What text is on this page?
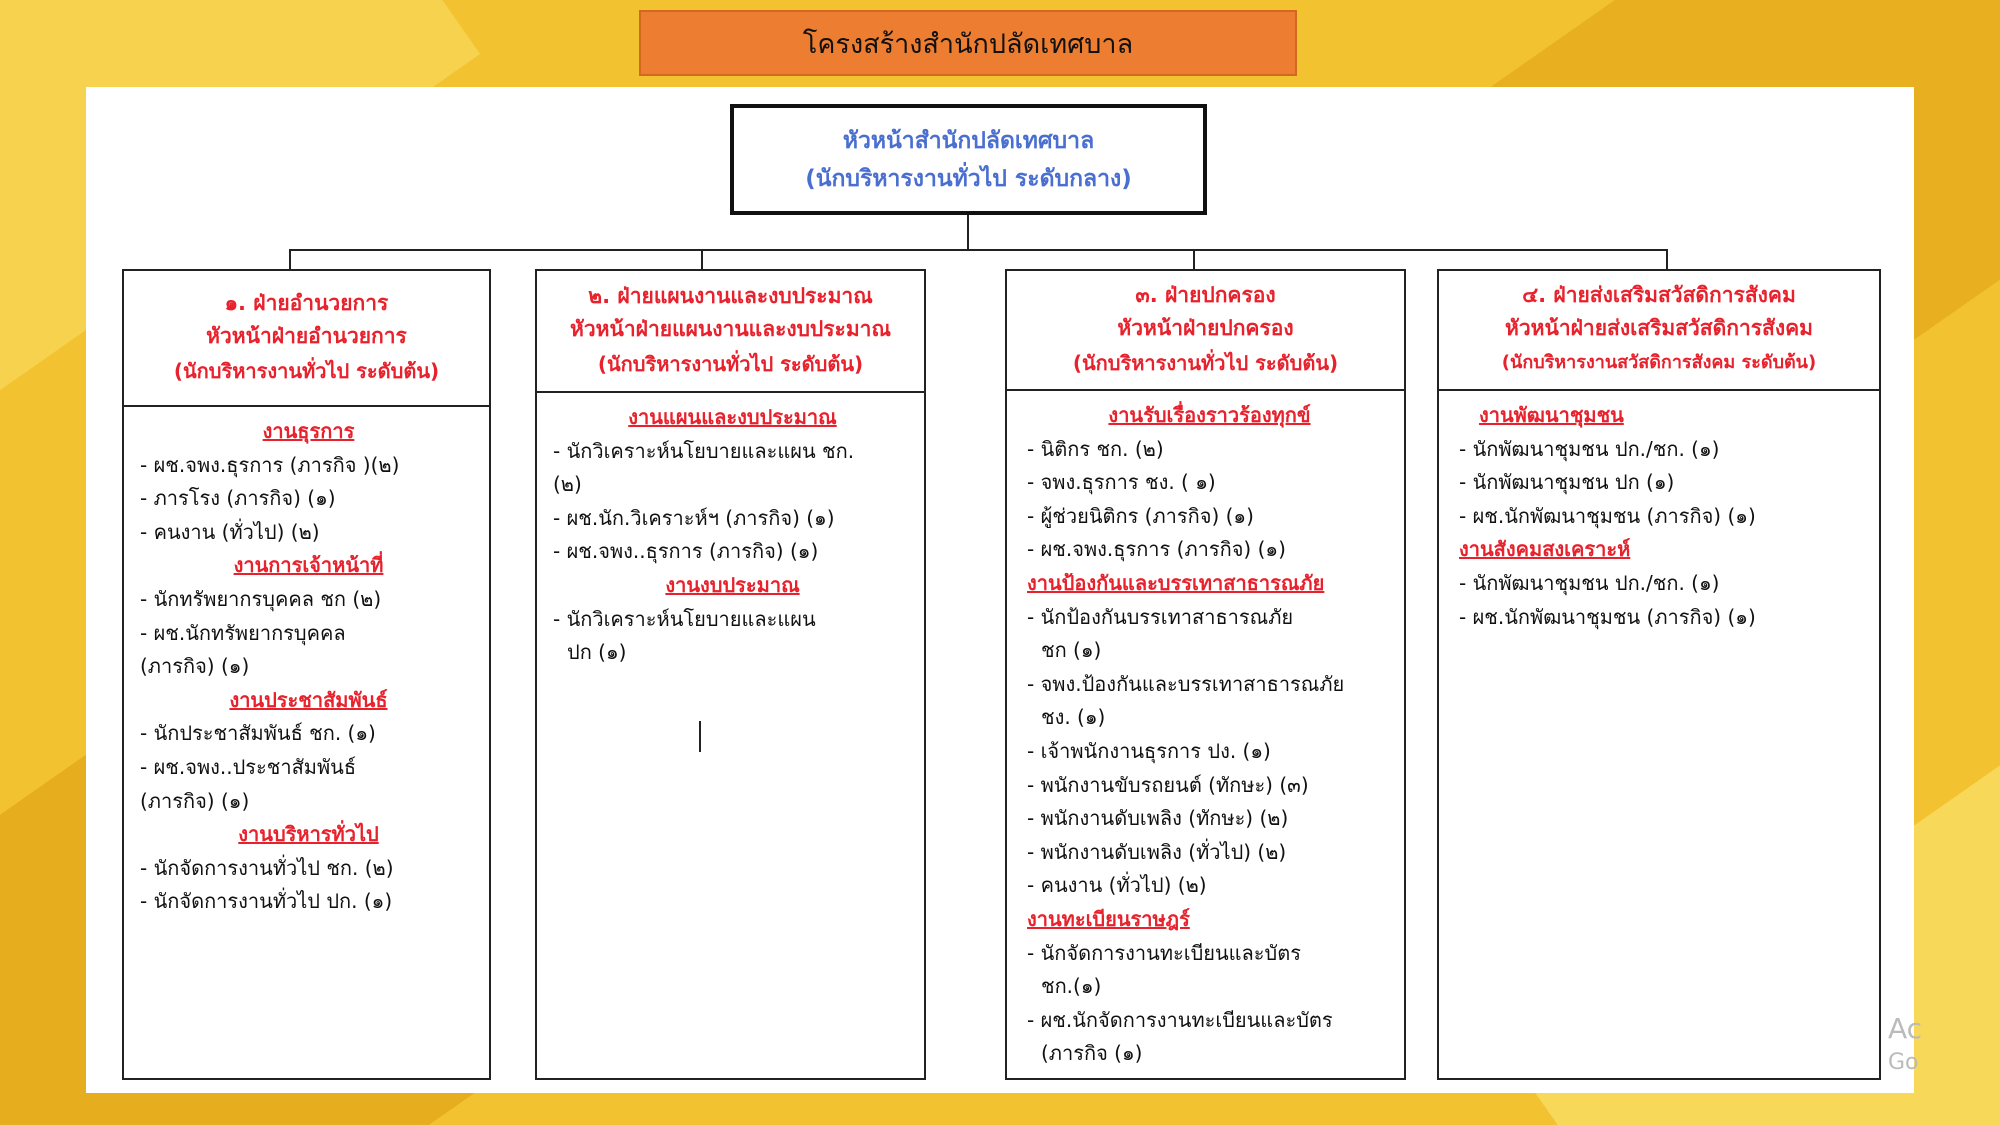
โครงสร้างสำนักปลัดเทศบาล
หัวหน้าสำนักปลัดเทศบาล
(นักบริหารงานทั่วไป ระดับกลาง)
๑. ฝ่ายอำนวยการ
หัวหน้าฝ่ายอำนวยการ
(นักบริหารงานทั่วไป ระดับต้น)
งานธุรการ
- ผช.จพง.ธุรการ (ภารกิจ )(๒)
- ภารโรง (ภารกิจ) (๑)
- คนงาน (ทั่วไป) (๒)
งานการเจ้าหน้าที่
- นักทรัพยากรบุคคล ชก (๒)
- ผช.นักทรัพยากรบุคคล
(ภารกิจ) (๑)
งานประชาสัมพันธ์
- นักประชาสัมพันธ์ ชก. (๑)
- ผช.จพง..ประชาสัมพันธ์
(ภารกิจ) (๑)
งานบริหารทั่วไป
- นักจัดการงานทั่วไป ชก. (๒)
- นักจัดการงานทั่วไป ปก. (๑)
๒. ฝ่ายแผนงานและงบประมาณ
หัวหน้าฝ่ายแผนงานและงบประมาณ
(นักบริหารงานทั่วไป ระดับต้น)
งานแผนและงบประมาณ
- นักวิเคราะห์นโยบายและแผน ชก.
(๒)
- ผช.นัก.วิเคราะห์ฯ (ภารกิจ) (๑)
- ผช.จพง..ธุรการ (ภารกิจ) (๑)
งานงบประมาณ
- นักวิเคราะห์นโยบายและแผน
ปก (๑)
๓. ฝ่ายปกครอง
หัวหน้าฝ่ายปกครอง
(นักบริหารงานทั่วไป ระดับต้น)
งานรับเรื่องราวร้องทุกข์
- นิติกร ชก. (๒)
- จพง.ธุรการ ชง. ( ๑)
- ผู้ช่วยนิติกร (ภารกิจ) (๑)
- ผช.จพง.ธุรการ (ภารกิจ) (๑)
งานป้องกันและบรรเทาสาธารณภัย
- นักป้องกันบรรเทาสาธารณภัย
ชก (๑)
- จพง.ป้องกันและบรรเทาสาธารณภัย
ชง. (๑)
- เจ้าพนักงานธุรการ ปง. (๑)
- พนักงานขับรถยนต์ (ทักษะ) (๓)
- พนักงานดับเพลิง (ทักษะ) (๒)
- พนักงานดับเพลิง (ทั่วไป) (๒)
- คนงาน (ทั่วไป) (๒)
งานทะเบียนราษฎร์
- นักจัดการงานทะเบียนและบัตร
ชก.(๑)
- ผช.นักจัดการงานทะเบียนและบัตร
(ภารกิจ (๑)
๔. ฝ่ายส่งเสริมสวัสดิการสังคม
หัวหน้าฝ่ายส่งเสริมสวัสดิการสังคม
(นักบริหารงานสวัสดิการสังคม ระดับต้น)
งานพัฒนาชุมชน
- นักพัฒนาชุมชน ปก./ชก. (๑)
- นักพัฒนาชุมชน ปก (๑)
- ผช.นักพัฒนาชุมชน (ภารกิจ) (๑)
งานสังคมสงเคราะห์
- นักพัฒนาชุมชน ปก./ชก. (๑)
- ผช.นักพัฒนาชุมชน (ภารกิจ) (๑)
Ac
Go
